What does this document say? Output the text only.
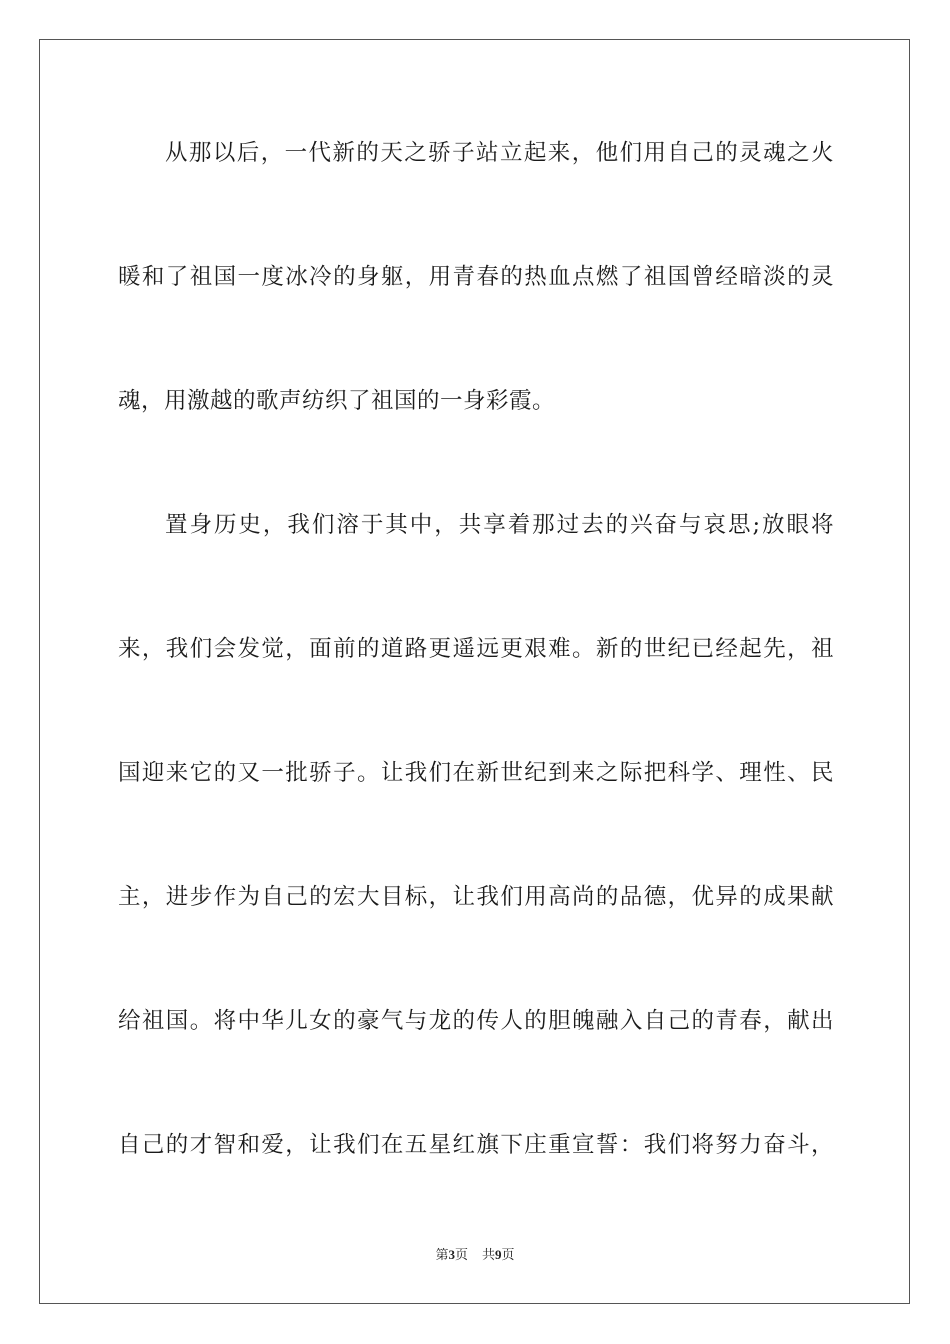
从那以后，一代新的天之骄子站立起来，他们用自己的灵魂之火
暖和了祖国一度冰冷的身躯，用青春的热血点燃了祖国曾经暗淡的灵
魂，用激越的歌声纺织了祖国的一身彩霞。
置身历史，我们溶于其中，共享着那过去的兴奋与哀思;放眼将
来，我们会发觉，面前的道路更遥远更艰难。新的世纪已经起先，祖
国迎来它的又一批骄子。让我们在新世纪到来之际把科学、理性、民
主，进步作为自己的宏大目标，让我们用高尚的品德，优异的成果献
给祖国。将中华儿女的豪气与龙的传人的胆魄融入自己的青春，献出
自己的才智和爱，让我们在五星红旗下庄重宣誓：我们将努力奋斗，
第3页 共9页
